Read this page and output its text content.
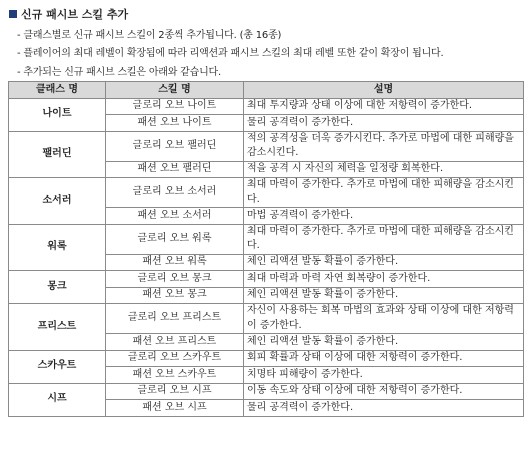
신규 패시브 스킬 추가
- 클래스별로 신규 패시브 스킬이 2종씩 추가됩니다. (총 16종)
- 플레이어의 최대 레벨이 확장됨에 따라 리액션과 패시브 스킬의 최대 레벨 또한 같이 확장이 됩니다.
- 추가되는 신규 패시브 스킬은 아래와 같습니다.
클래스 명	스킬 명	설명
나이트	글로리 오브 나이트	최대 투지량과 상태 이상에 대한 저항력이 증가한다.
	패션 오브 나이트	물리 공격력이 증가한다.
팰러딘	글로리 오브 팰러딘	적의 공격성을 더욱 증가시킨다. 추가로 마법에 대한 피해량을 감소시킨다.
	패션 오브 팰러딘	적을 공격 시 자신의 체력을 일정량 회복한다.
소서러	글로리 오브 소서러	최대 마력이 증가한다. 추가로 마법에 대한 피해량을 감소시킨다.
	패션 오브 소서러	마법 공격력이 증가한다.
워록	글로리 오브 워록	최대 마력이 증가한다. 추가로 마법에 대한 피해량을 감소시킨다.
	패션 오브 워록	체인 리액션 발동 확률이 증가한다.
몽크	글로리 오브 몽크	최대 마력과 마력 자연 회복량이 증가한다.
	패션 오브 몽크	체인 리액션 발동 확률이 증가한다.
프리스트	글로리 오브 프리스트	자신이 사용하는 회복 마법의 효과와 상태 이상에 대한 저항력이 증가한다.
	패션 오브 프리스트	체인 리액션 발동 확률이 증가한다.
스카우트	글로리 오브 스카우트	회피 확률과 상태 이상에 대한 저항력이 증가한다.
	패션 오브 스카우트	치명타 피해량이 증가한다.
시프	글로리 오브 시프	이동 속도와 상태 이상에 대한 저항력이 증가한다.
	패션 오브 시프	물리 공격력이 증가한다.
